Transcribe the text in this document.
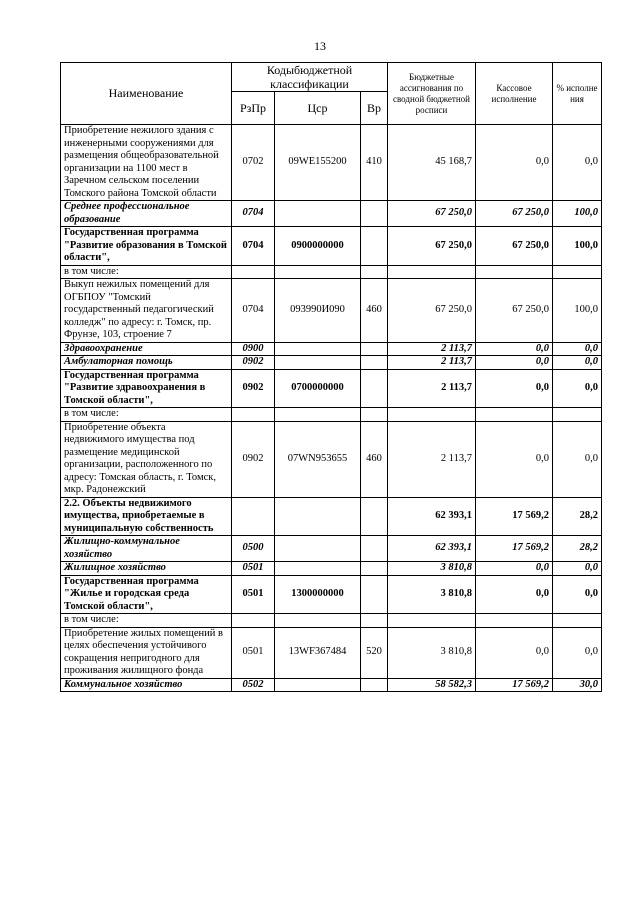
13
Наименование	Кодыбюджетной классификации			Бюджетные ассигнования по сводной бюджетной росписи	Кассовое исполнение	% исполне ния
	РзПр	Цср	Вр			
Приобретение нежилого здания с инженерными сооружениями для размещения общеобразовательной организации на 1100 мест в Заречном сельском поселении Томского района Томской области	0702	09WE155200	410	45 168,7	0,0	0,0
Среднее профессиональное образование	0704			67 250,0	67 250,0	100,0
Государственная программа "Развитие образования в Томской области",	0704	0900000000		67 250,0	67 250,0	100,0
в том числе:						
Выкуп нежилых помещений для ОГБПОУ "Томский государственный педагогический колледж" по адресу: г. Томск, пр. Фрунзе, 103, строение 7	0704	093990И090	460	67 250,0	67 250,0	100,0
Здравоохранение	0900			2 113,7	0,0	0,0
Амбулаторная помощь	0902			2 113,7	0,0	0,0
Государственная программа "Развитие здравоохранения в Томской области",	0902	0700000000		2 113,7	0,0	0,0
в том числе:						
Приобретение объекта недвижимого имущества под размещение медицинской организации, расположенного по адресу: Томская область, г. Томск, мкр. Радонежский	0902	07WN953655	460	2 113,7	0,0	0,0
2.2. Объекты недвижимого имущества, приобретаемые в муниципальную собственность				62 393,1	17 569,2	28,2
Жилищно-коммунальное хозяйство	0500			62 393,1	17 569,2	28,2
Жилищное хозяйство	0501			3 810,8	0,0	0,0
Государственная программа "Жилье и городская среда Томской области",	0501	1300000000		3 810,8	0,0	0,0
в том числе:						
Приобретение жилых помещений в целях обеспечения устойчивого сокращения непригодного для проживания жилищного фонда	0501	13WF367484	520	3 810,8	0,0	0,0
Коммунальное хозяйство	0502			58 582,3	17 569,2	30,0
